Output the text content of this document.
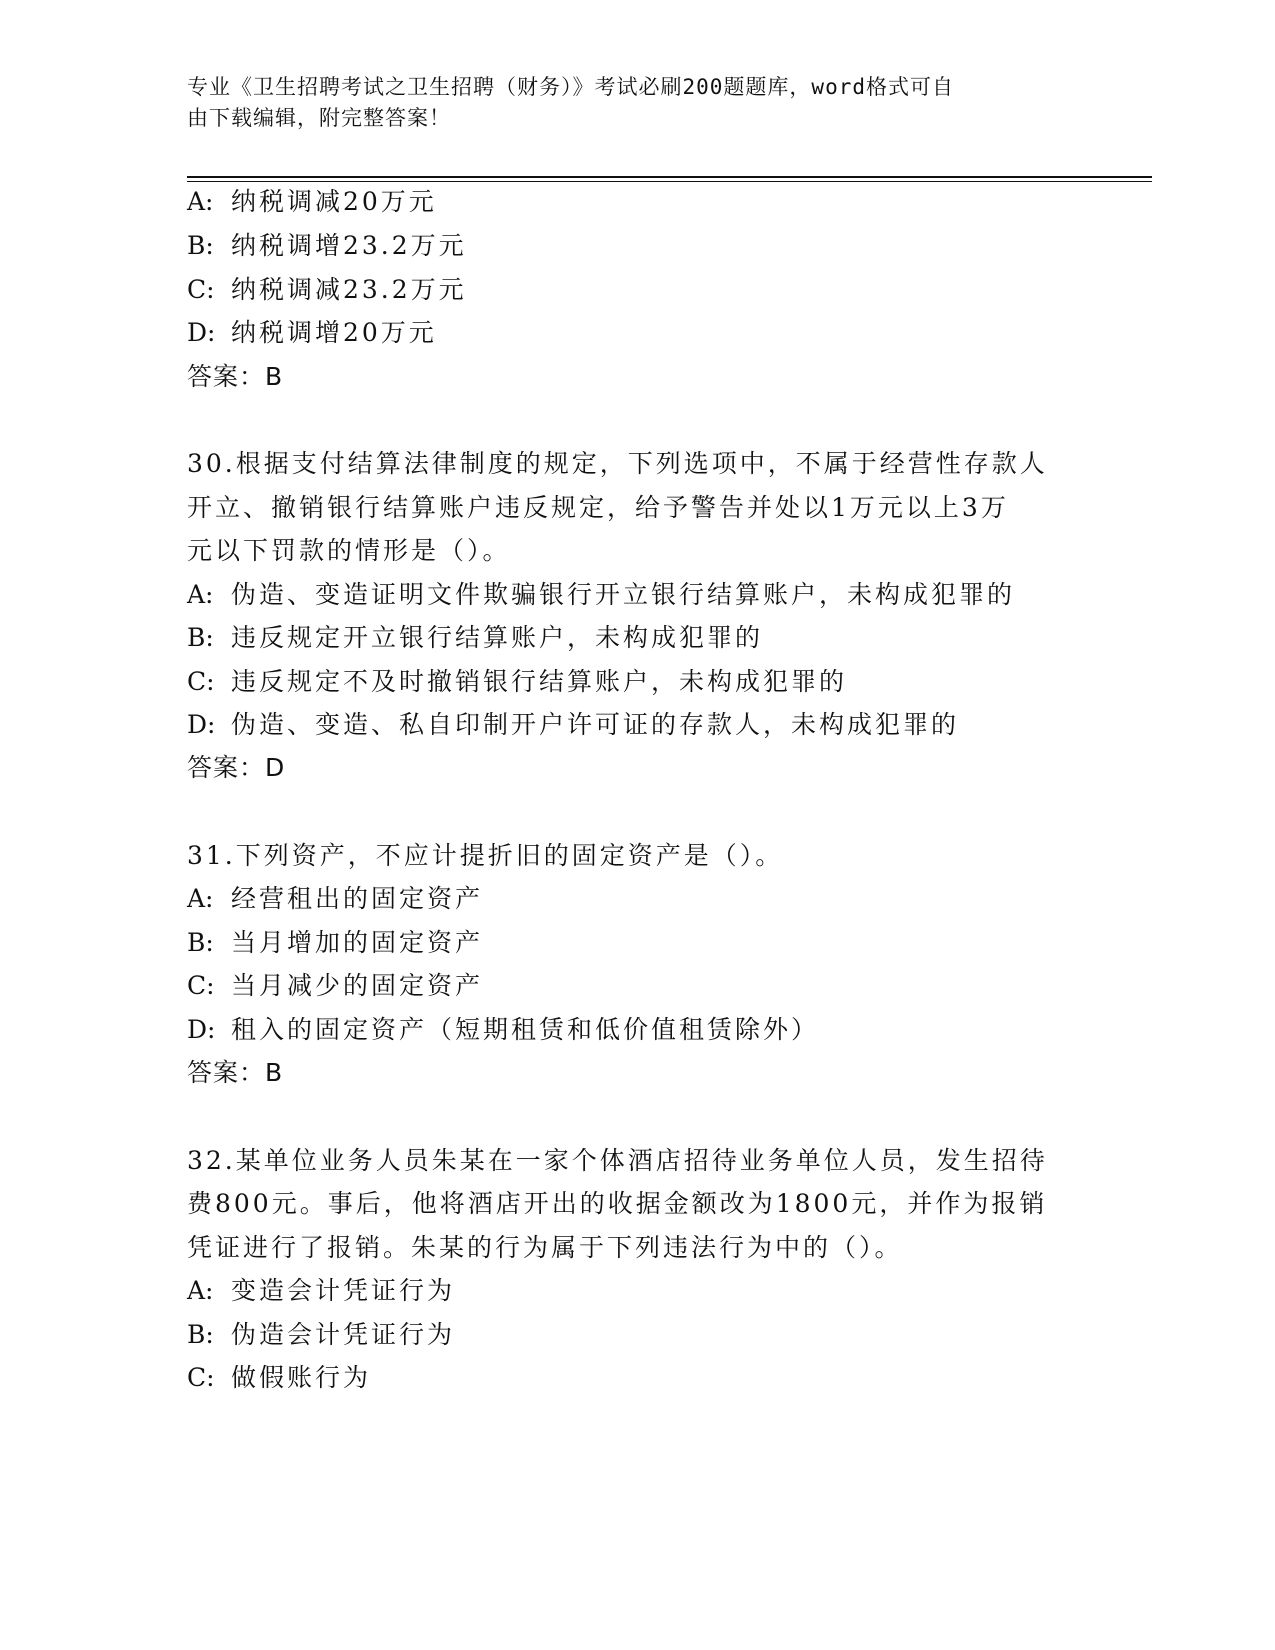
专业《卫生招聘考试之卫生招聘（财务）》考试必刷200题题库，word格式可自
由下载编辑，附完整答案！
A: 纳税调减20万元
B: 纳税调增23.2万元
C: 纳税调减23.2万元
D: 纳税调增20万元
答案：B
30.根据支付结算法律制度的规定，下列选项中，不属于经营性存款人
开立、撤销银行结算账户违反规定，给予警告并处以1万元以上3万
元以下罚款的情形是（）。
A: 伪造、变造证明文件欺骗银行开立银行结算账户，未构成犯罪的
B: 违反规定开立银行结算账户，未构成犯罪的
C: 违反规定不及时撤销银行结算账户，未构成犯罪的
D: 伪造、变造、私自印制开户许可证的存款人，未构成犯罪的
答案：D
31.下列资产，不应计提折旧的固定资产是（）。
A: 经营租出的固定资产
B: 当月增加的固定资产
C: 当月减少的固定资产
D: 租入的固定资产（短期租赁和低价值租赁除外）
答案：B
32.某单位业务人员朱某在一家个体酒店招待业务单位人员，发生招待
费800元。事后，他将酒店开出的收据金额改为1800元，并作为报销
凭证进行了报销。朱某的行为属于下列违法行为中的（）。
A: 变造会计凭证行为
B: 伪造会计凭证行为
C: 做假账行为
